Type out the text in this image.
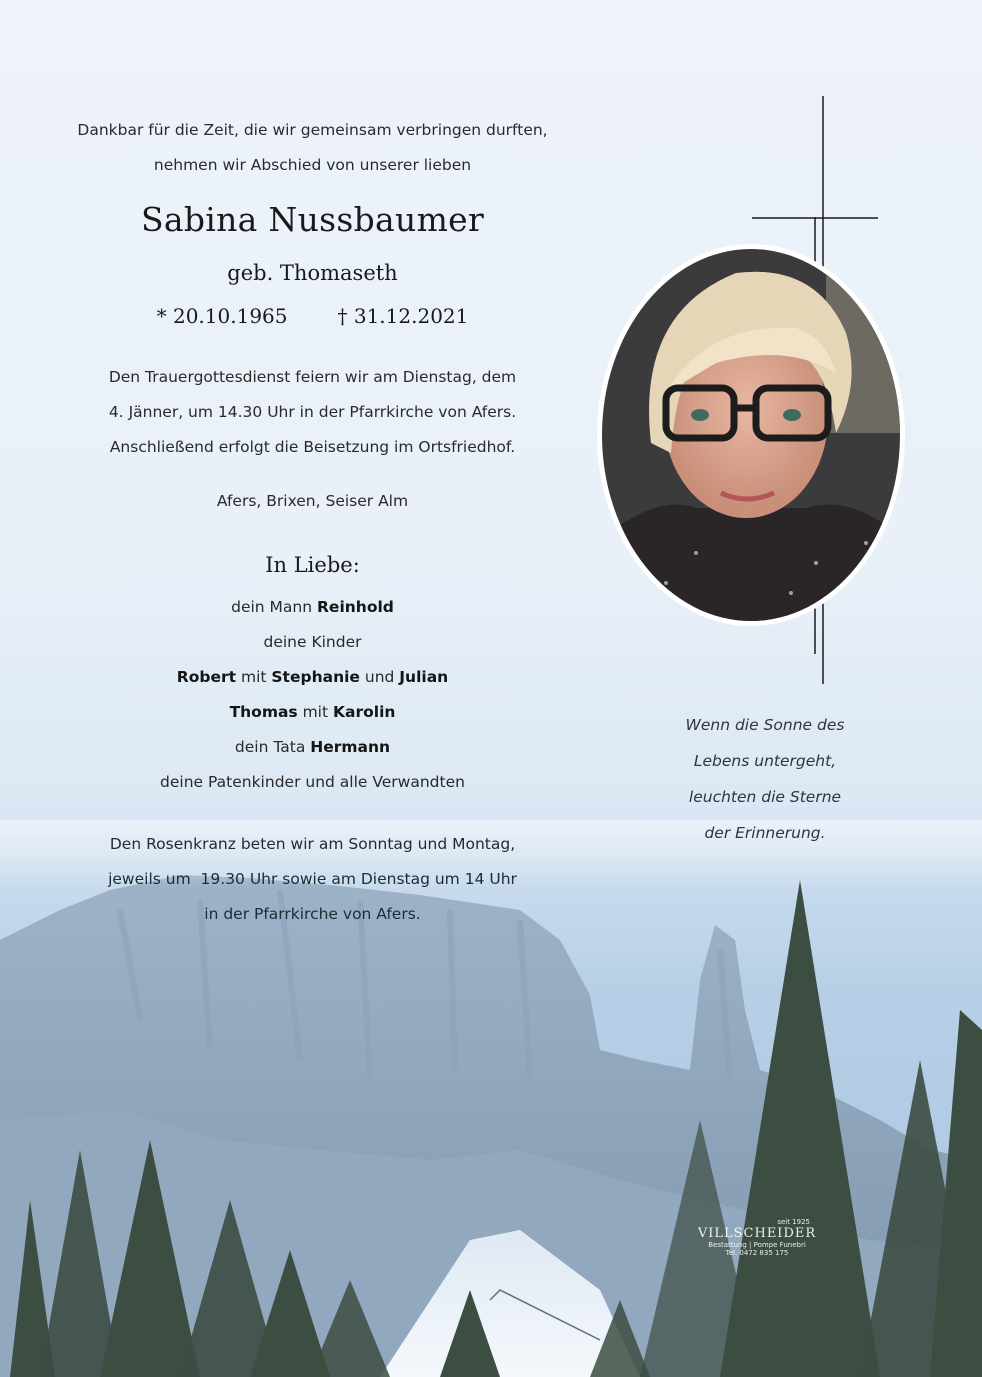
Dankbar für die Zeit, die wir gemeinsam verbringen durften,
nehmen wir Abschied von unserer lieben
Sabina Nussbaumer
geb. Thomaseth
* 20.10.1965	† 31.12.2021
Den Trauergottesdienst feiern wir am Dienstag, dem
4. Jänner, um 14.30 Uhr in der Pfarrkirche von Afers.
Anschließend erfolgt die Beisetzung im Ortsfriedhof.
Afers, Brixen, Seiser Alm
In Liebe:
dein Mann Reinhold
deine Kinder
Robert mit Stephanie und Julian
Thomas mit Karolin
dein Tata Hermann
deine Patenkinder und alle Verwandten
Den Rosenkranz beten wir am Sonntag und Montag,
jeweils um  19.30 Uhr sowie am Dienstag um 14 Uhr
in der Pfarrkirche von Afers.
Wenn die Sonne des
Lebens untergeht,
leuchten die Sterne
der Erinnerung.
seit 1925
VILLSCHEIDER
Bestattung | Pompe Funebri
Tel. 0472 835 175
